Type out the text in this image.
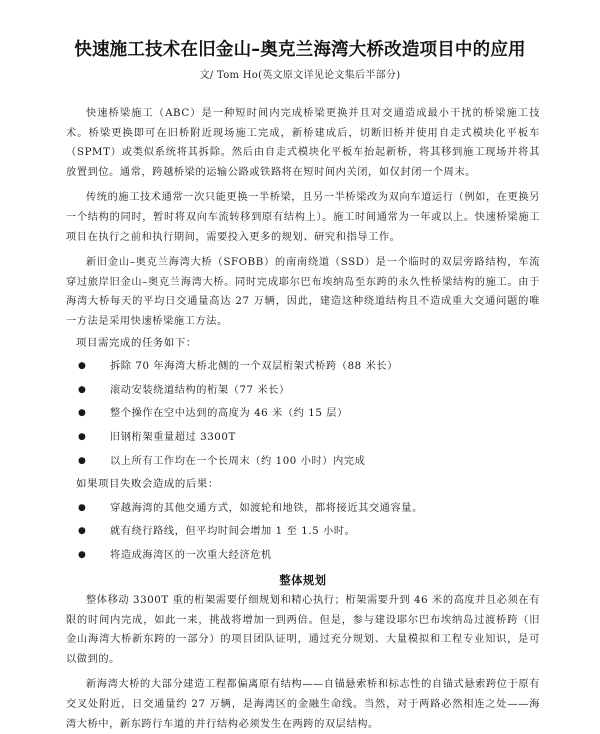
快速施工技术在旧金山–奥克兰海湾大桥改造项目中的应用
文/ Tom Ho(英文原文详见论文集后半部分)

快速桥梁施工（ABC）是一种短时间内完成桥梁更换并且对交通造成最小干扰的桥梁施工技术。桥梁更换即可在旧桥附近现场施工完成，新桥建成后，切断旧桥并使用自走式模块化平板车（SPMT）或类似系统将其拆除。然后由自走式模块化平板车抬起新桥，将其移到施工现场并将其放置到位。通常，跨越桥梁的运输公路或铁路将在短时间内关闭，如仅封闭一个周末。

传统的施工技术通常一次只能更换一半桥梁，且另一半桥梁改为双向车道运行（例如，在更换另一个结构的同时，暂时将双向车流转移到原有结构上）。施工时间通常为一年或以上。快速桥梁施工项目在执行之前和执行期间，需要投入更多的规划、研究和指导工作。

新旧金山–奥克兰海湾大桥（SFOBB）的南南绕道（SSD）是一个临时的双层旁路结构，车流穿过旅岸旧金山–奥克兰海湾大桥。同时完成耶尔巴布埃纳岛至东跨的永久性桥梁结构的施工。由于海湾大桥每天的平均日交通量高达 27 万辆，因此，建造这种绕道结构且不造成重大交通问题的唯一方法是采用快速桥梁施工方法。

项目需完成的任务如下：
● 拆除 70 年海湾大桥北侧的一个双层桁架式桥跨（88 米长）
● 滚动安装绕道结构的桁架（77 米长）
● 整个操作在空中达到的高度为 46 米（约 15 层）
● 旧钢桁架重量超过 3300T
● 以上所有工作均在一个长周末（约 100 小时）内完成
如果项目失败会造成的后果：
● 穿越海湾的其他交通方式，如渡轮和地铁，都将接近其交通容量。
● 就有绕行路线，但平均时间会增加 1 至 1.5 小时。
● 将造成海湾区的一次重大经济危机
整体规划

整体移动 3300T 重的桁架需要仔细规划和精心执行；桁架需要升到 46 米的高度并且必须在有限的时间内完成，如此一来，挑战将增加一到两倍。但是，参与建设耶尔巴布埃纳岛过渡桥跨（旧金山海湾大桥新东跨的一部分）的项目团队证明，通过充分规划、大量模拟和工程专业知识，是可以做到的。

新海湾大桥的大部分建造工程都偏离原有结构——自锚悬索桥和标志性的自锚式悬索跨位于原有交叉处附近，日交通量约 27 万辆，是海湾区的金融生命线。当然，对于两路必然相连之处——海湾大桥中，新东跨行车道的并行结构必须发生在两跨的双层结构。
